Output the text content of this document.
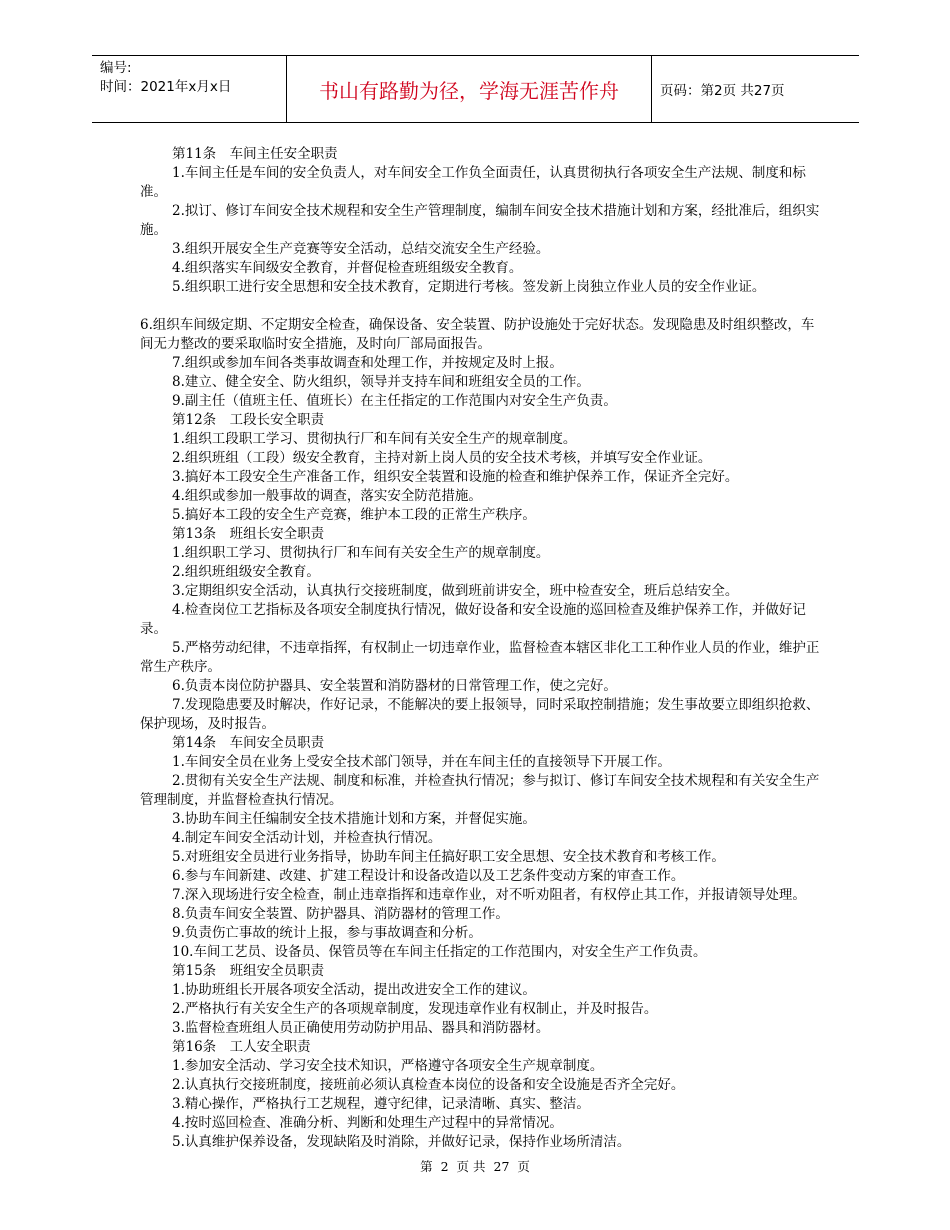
编号:
时间：2021年x月x日	书山有路勤为径，学海无涯苦作舟	页码：第2页 共27页

第11条　车间主任安全职责

1.车间主任是车间的安全负责人，对车间安全工作负全面责任，认真贯彻执行各项安全生产法规、制度和标准。

2.拟订、修订车间安全技术规程和安全生产管理制度，编制车间安全技术措施计划和方案，经批准后，组织实施。

3.组织开展安全生产竞赛等安全活动，总结交流安全生产经验。

4.组织落实车间级安全教育，并督促检查班组级安全教育。

5.组织职工进行安全思想和安全技术教育，定期进行考核。签发新上岗独立作业人员的安全作业证。

6.组织车间级定期、不定期安全检查，确保设备、安全装置、防护设施处于完好状态。发现隐患及时组织整改，车间无力整改的要采取临时安全措施，及时向厂部局面报告。

7.组织或参加车间各类事故调查和处理工作，并按规定及时上报。

8.建立、健全安全、防火组织，领导并支持车间和班组安全员的工作。

9.副主任（值班主任、值班长）在主任指定的工作范围内对安全生产负责。

第12条　工段长安全职责

1.组织工段职工学习、贯彻执行厂和车间有关安全生产的规章制度。

2.组织班组（工段）级安全教育，主持对新上岗人员的安全技术考核，并填写安全作业证。

3.搞好本工段安全生产准备工作，组织安全装置和设施的检查和维护保养工作，保证齐全完好。

4.组织或参加一般事故的调查，落实安全防范措施。

5.搞好本工段的安全生产竞赛，维护本工段的正常生产秩序。

第13条　班组长安全职责

1.组织职工学习、贯彻执行厂和车间有关安全生产的规章制度。

2.组织班组级安全教育。

3.定期组织安全活动，认真执行交接班制度，做到班前讲安全，班中检查安全，班后总结安全。

4.检查岗位工艺指标及各项安全制度执行情况，做好设备和安全设施的巡回检查及维护保养工作，并做好记录。

5.严格劳动纪律，不违章指挥，有权制止一切违章作业，监督检查本辖区非化工工种作业人员的作业，维护正常生产秩序。

6.负责本岗位防护器具、安全装置和消防器材的日常管理工作，使之完好。

7.发现隐患要及时解决，作好记录，不能解决的要上报领导，同时采取控制措施；发生事故要立即组织抢救、保护现场，及时报告。

第14条　车间安全员职责

1.车间安全员在业务上受安全技术部门领导，并在车间主任的直接领导下开展工作。

2.贯彻有关安全生产法规、制度和标准，并检查执行情况；参与拟订、修订车间安全技术规程和有关安全生产管理制度，并监督检查执行情况。

3.协助车间主任编制安全技术措施计划和方案，并督促实施。

4.制定车间安全活动计划，并检查执行情况。

5.对班组安全员进行业务指导，协助车间主任搞好职工安全思想、安全技术教育和考核工作。

6.参与车间新建、改建、扩建工程设计和设备改造以及工艺条件变动方案的审查工作。

7.深入现场进行安全检查，制止违章指挥和违章作业，对不听劝阻者，有权停止其工作，并报请领导处理。

8.负责车间安全装置、防护器具、消防器材的管理工作。

9.负责伤亡事故的统计上报，参与事故调查和分析。

10.车间工艺员、设备员、保管员等在车间主任指定的工作范围内，对安全生产工作负责。

第15条　班组安全员职责

1.协助班组长开展各项安全活动，提出改进安全工作的建议。

2.严格执行有关安全生产的各项规章制度，发现违章作业有权制止，并及时报告。

3.监督检查班组人员正确使用劳动防护用品、器具和消防器材。

第16条　工人安全职责

1.参加安全活动、学习安全技术知识，严格遵守各项安全生产规章制度。

2.认真执行交接班制度，接班前必须认真检查本岗位的设备和安全设施是否齐全完好。

3.精心操作，严格执行工艺规程，遵守纪律，记录清晰、真实、整洁。

4.按时巡回检查、准确分析、判断和处理生产过程中的异常情况。

5.认真维护保养设备，发现缺陷及时消除，并做好记录，保持作业场所清洁。

第 2 页 共 27 页
